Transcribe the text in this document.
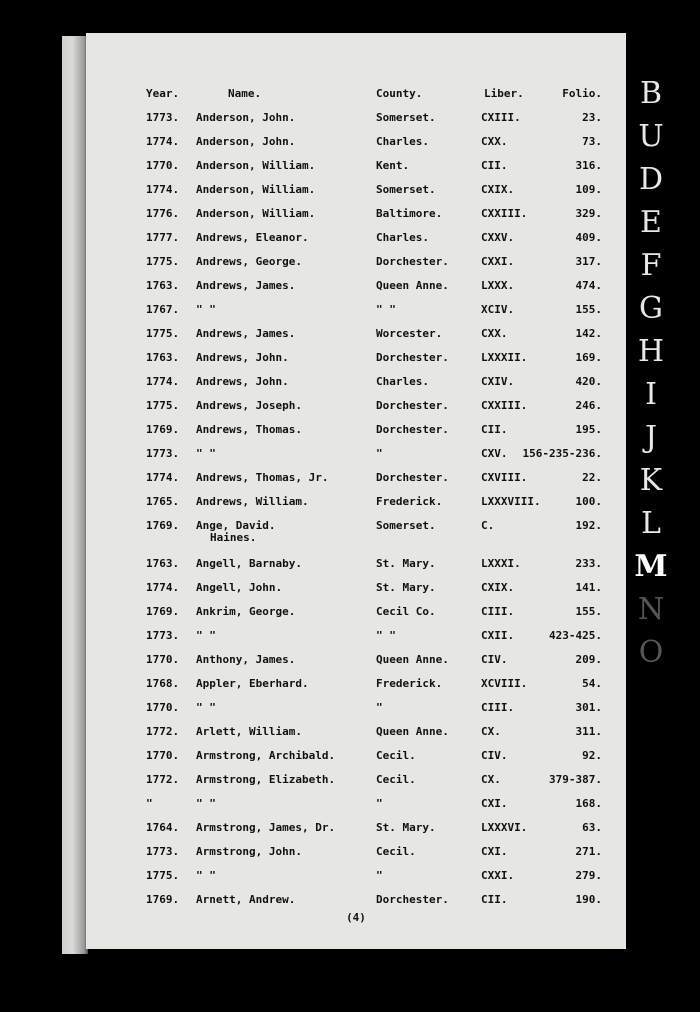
Year.	Name.	County.	Liber.	Folio.
1773.	Anderson, John.	Somerset.	CXIII.	23.
1774.	Anderson, John.	Charles.	CXX.	73.
1770.	Anderson, William.	Kent.	CII.	316.
1774.	Anderson, William.	Somerset.	CXIX.	109.
1776.	Anderson, William.	Baltimore.	CXXIII.	329.
1777.	Andrews, Eleanor.	Charles.	CXXV.	409.
1775.	Andrews, George.	Dorchester.	CXXI.	317.
1763.	Andrews, James.	Queen Anne.	LXXX.	474.
1767.	" "	" "	XCIV.	155.
1775.	Andrews, James.	Worcester.	CXX.	142.
1763.	Andrews, John.	Dorchester.	LXXXII.	169.
1774.	Andrews, John.	Charles.	CXIV.	420.
1775.	Andrews, Joseph.	Dorchester.	CXXIII.	246.
1769.	Andrews, Thomas.	Dorchester.	CII.	195.
1773.	" "	"	CXV.	156-235-236.
1774.	Andrews, Thomas, Jr.	Dorchester.	CXVIII.	22.
1765.	Andrews, William.	Frederick.	LXXXVIII.	100.
1769.	Ange, David.	Somerset.	C.	192.
Haines.
1763.	Angell, Barnaby.	St. Mary.	LXXXI.	233.
1774.	Angell, John.	St. Mary.	CXIX.	141.
1769.	Ankrim, George.	Cecil Co.	CIII.	155.
1773.	" "	" "	CXII.	423-425.
1770.	Anthony, James.	Queen Anne.	CIV.	209.
1768.	Appler, Eberhard.	Frederick.	XCVIII.	54.
1770.	" "	"	CIII.	301.
1772.	Arlett, William.	Queen Anne.	CX.	311.
1770.	Armstrong, Archibald.	Cecil.	CIV.	92.
1772.	Armstrong, Elizabeth.	Cecil.	CX.	379-387.
"	" "	"	CXI.	168.
1764.	Armstrong, James, Dr.	St. Mary.	LXXXVI.	63.
1773.	Armstrong, John.	Cecil.	CXI.	271.
1775.	" "	"	CXXI.	279.
1769.	Arnett, Andrew.	Dorchester.	CII.	190.
(4)
B
U
D
E
F
G
H
I
J
K
L
M
N
O
